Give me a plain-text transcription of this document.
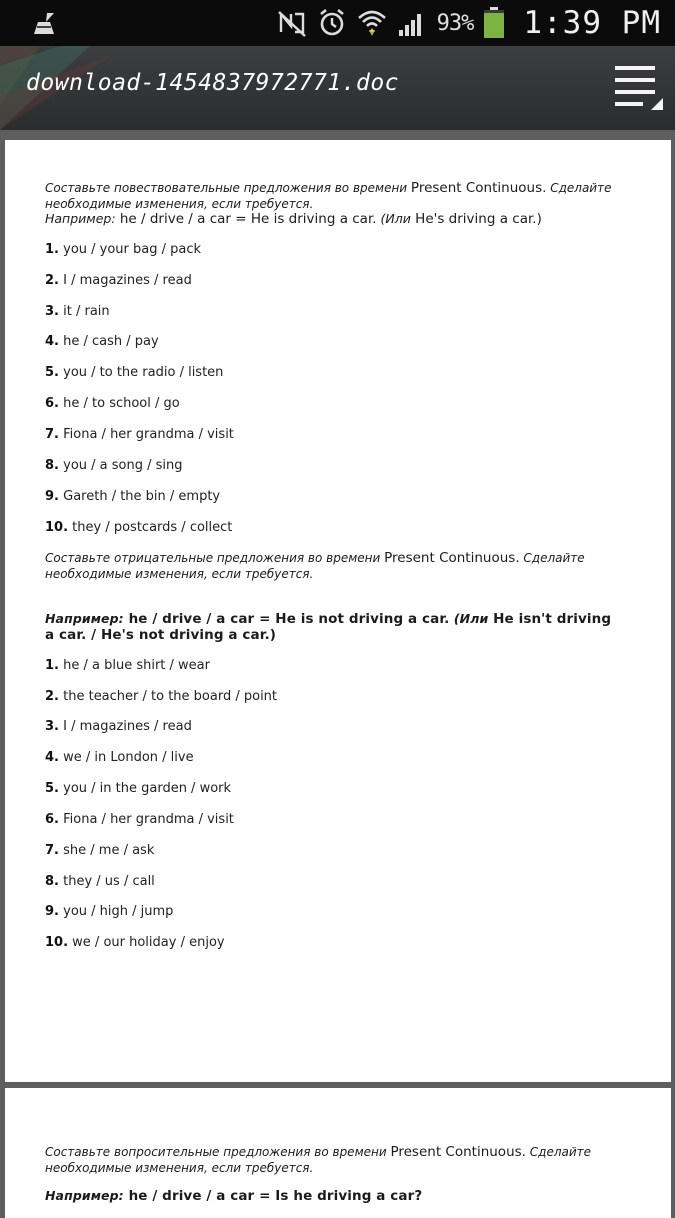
93% 1:39 PM
download-1454837972771.doc
Составьте повествовательные предложения во времени Present Continuous. Сделайте необходимые изменения, если требуется.
Например: he / drive / a car = He is driving a car. (Или He's driving a car.)
1. you / your bag / pack
2. I / magazines / read
3. it / rain
4. he / cash / pay
5. you / to the radio / listen
6. he / to school / go
7. Fiona / her grandma / visit
8. you / a song / sing
9. Gareth / the bin / empty
10. they / postcards / collect
Составьте отрицательные предложения во времени Present Continuous. Сделайте необходимые изменения, если требуется.
Например: he / drive / a car = He is not driving a car. (Или He isn't driving a car. / He's not driving a car.)
1. he / a blue shirt / wear
2. the teacher / to the board / point
3. I / magazines / read
4. we / in London / live
5. you / in the garden / work
6. Fiona / her grandma / visit
7. she / me / ask
8. they / us / call
9. you / high / jump
10. we / our holiday / enjoy
Составьте вопросительные предложения во времени Present Continuous. Сделайте необходимые изменения, если требуется.
Например: he / drive / a car = Is he driving a car?
